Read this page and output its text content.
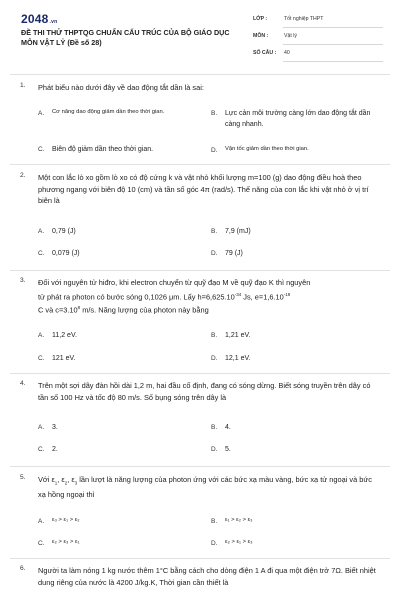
2048.vn
ĐỀ THI THỬ THPTQG CHUẨN CẤU TRÚC CỦA BỘ GIÁO DỤC MÔN VẬT LỶ (Đề số 28)
LỚP :	Tốt nghiệp THPT
MÔN :	Vật lý
SỐ CÂU : 40
1. Phát biểu nào dưới đây về dao động tắt dần là sai:
A. Cơ năng dao động giảm dần theo thời gian.	B. Lực cản môi trường càng lớn dao động tắt dần càng nhanh.
C. Biên độ giảm dần theo thời gian.	D. Vận tốc giảm dần theo thời gian.
2. Một con lắc lò xo gồm lò xo có độ cứng k và vật nhỏ khối lượng m=100 (g) dao động điều hoà theo phương ngang với biên độ 10 (cm) và tần số góc 4π (rad/s). Thế năng của con lắc khi vật nhỏ ở vị trí biên là
A. 0,79 (J)	B. 7,9 (mJ)
C. 0,079 (J)	D. 79 (J)
3. Đối với nguyên tử hiđro, khi electron chuyển từ quỹ đạo M về quỹ đạo K thì nguyên
tử phát ra photon có bước sóng 0,1026 μm. Lấy $h=6,625.10^{-34}$ Js, $e=1,6.10^{-19}$
C và $c=3.10^8$ m/s. Năng lượng của photon này bằng
A. 11,2 eV.	B. 1,21 eV.
C. 121 eV.	D. 12,1 eV.
4. Trên một sợi dây đàn hồi dài 1,2 m, hai đầu cố định, đang có sóng dừng. Biết sóng truyền trên dây có tần số 100 Hz và tốc độ 80 m/s. Số bụng sóng trên dây là
A. 3.	B. 4.
C. 2.	D. 5.
5. Với $\varepsilon_1$, $\varepsilon_2$, $\varepsilon_3$ lần lượt là năng lượng của photon ứng với các bức xạ màu vàng, bức xạ tử ngoại và bức xạ hồng ngoại thì
A. ε₃ > ε₁ > ε₂	B. ε₁ > ε₂ > ε₃
C. ε₂ > ε₃ > ε₁	D. ε₂ > ε₁ > ε₃
6. Người ta làm nóng 1 kg nước thêm 1°C bằng cách cho dòng điện 1 A đi qua một điện trở 7Ω. Biết nhiệt dung riêng của nước là 4200 J/kg.K, Thời gian cần thiết là
